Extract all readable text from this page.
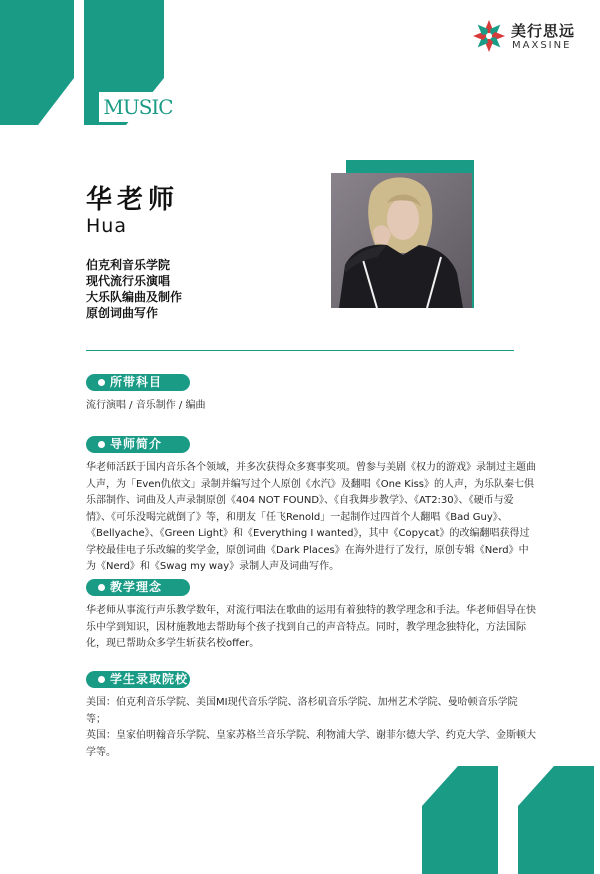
MUSIC
美行思远
MAXSINE
华老师
Hua
伯克利音乐学院
现代流行乐演唱
大乐队编曲及制作
原创词曲写作
所带科目

流行演唱 / 音乐制作 / 编曲

导师简介

华老师活跃于国内音乐各个领域，并多次获得众多赛事奖项。曾参与美剧《权力的游戏》录制过主题曲人声，为「Even仇依文」录制并编写过个人原创《水汽》及翻唱《One Kiss》的人声，为乐队秦七俱乐部制作、词曲及人声录制原创《404 NOT FOUND》、《自我舞步教学》、《AT2:30》、《硬币与爱情》、《可乐没喝完就倒了》等，和朋友「任飞Renold」一起制作过四首个人翻唱《Bad Guy》、《Bellyache》、《Green Light》和《Everything I wanted》，其中《Copycat》的改编翻唱获得过学校最佳电子乐改编的奖学金，原创词曲《Dark Places》在海外进行了发行，原创专辑《Nerd》中为《Nerd》和《Swag my way》录制人声及词曲写作。

教学理念

华老师从事流行声乐教学数年，对流行唱法在歌曲的运用有着独特的教学理念和手法。华老师倡导在快乐中学到知识，因材施教地去帮助每个孩子找到自己的声音特点。同时，教学理念独特化，方法国际化，现已帮助众多学生斩获名校offer。

学生录取院校

美国：伯克利音乐学院、美国MI现代音乐学院、洛杉矶音乐学院、加州艺术学院、曼哈顿音乐学院等；

英国：皇家伯明翰音乐学院、皇家苏格兰音乐学院、利物浦大学、谢菲尔德大学、约克大学、金斯顿大学等。
